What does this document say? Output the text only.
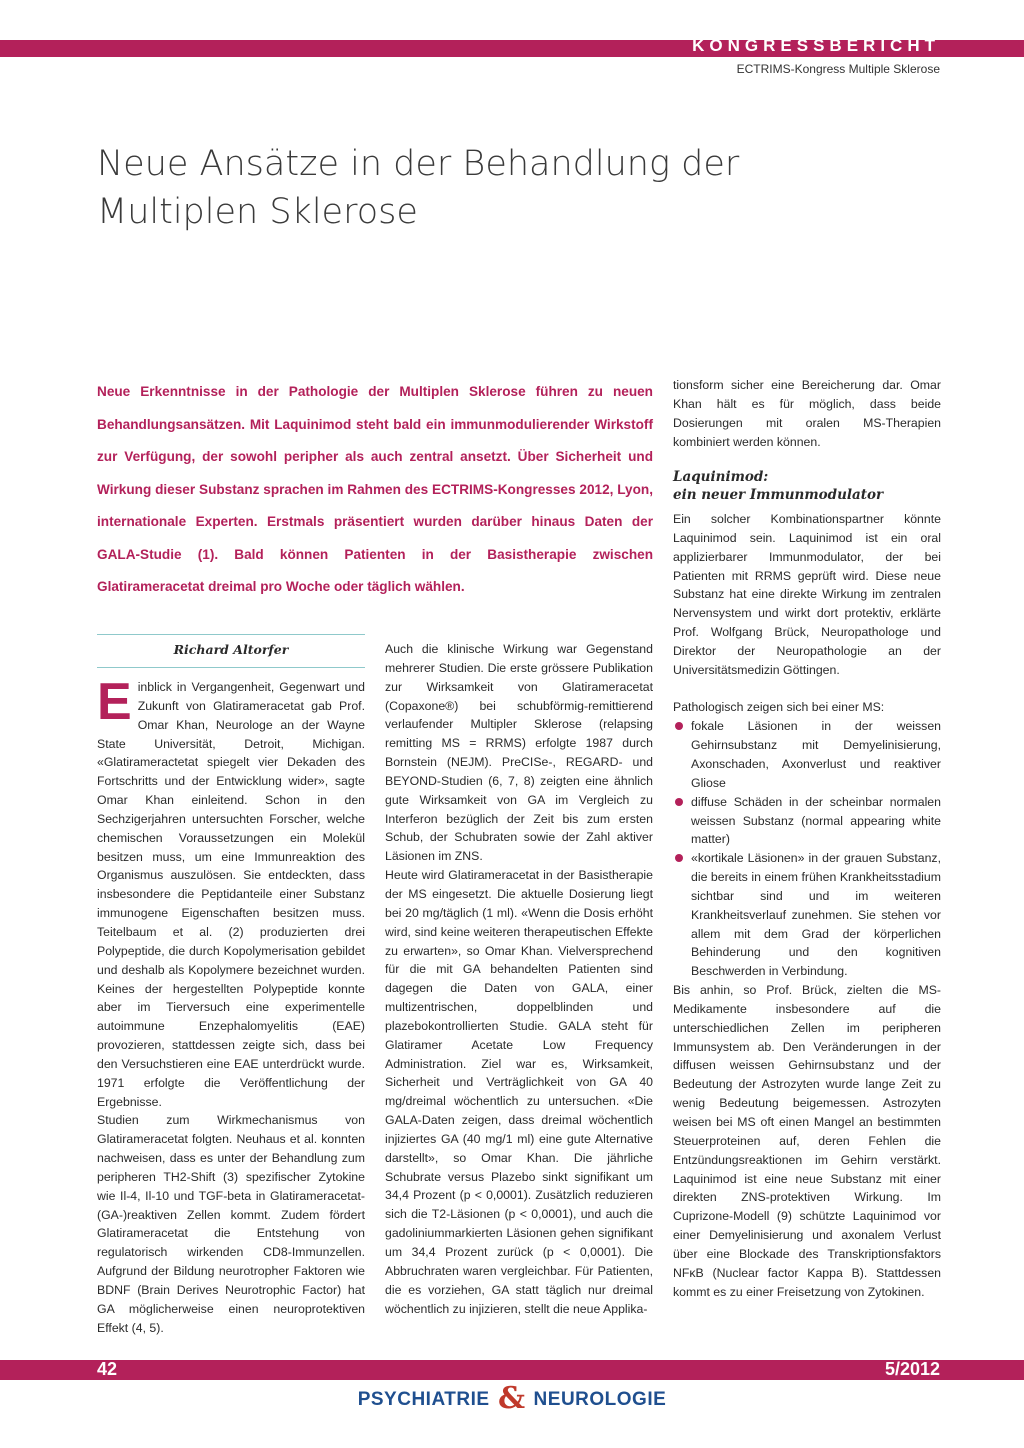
KONGRESSBERICHT
ECTRIMS-Kongress Multiple Sklerose
Neue Ansätze in der Behandlung der
Multiplen Sklerose

Neue Erkenntnisse in der Pathologie der Multiplen Sklerose führen zu neuen Behandlungsansätzen. Mit Laquinimod steht bald ein immunmodulierender Wirkstoff zur Verfügung, der sowohl peripher als auch zentral ansetzt. Über Sicherheit und Wirkung dieser Substanz sprachen im Rahmen des ECTRIMS-Kongresses 2012, Lyon, internationale Experten. Erstmals präsentiert wurden darüber hinaus Daten der GALA-Studie (1). Bald können Patienten in der Basistherapie zwischen Glatirameracetat dreimal pro Woche oder täglich wählen.

Richard Altorfer

Einblick in Vergangenheit, Gegenwart und Zukunft von Glatirameracetat gab Prof. Omar Khan, Neurologe an der Wayne State Universität, Detroit, Michigan. «Glatirameractetat spiegelt vier Dekaden des Fortschritts und der Entwicklung wider», sagte Omar Khan einleitend. Schon in den Sechzigerjahren untersuchten Forscher, welche chemischen Voraussetzungen ein Molekül besitzen muss, um eine Immunreaktion des Organismus auszulösen. Sie entdeckten, dass insbesondere die Peptidanteile einer Substanz immunogene Eigenschaften besitzen muss. Teitelbaum et al. (2) produzierten drei Polypeptide, die durch Kopolymerisation gebildet und deshalb als Kopolymere bezeichnet wurden. Keines der hergestellten Polypeptide konnte aber im Tierversuch eine experimentelle autoimmune Enzephalomyelitis (EAE) provozieren, stattdessen zeigte sich, dass bei den Versuchstieren eine EAE unterdrückt wurde. 1971 erfolgte die Veröffentlichung der Ergebnisse.

Studien zum Wirkmechanismus von Glatirameracetat folgten. Neuhaus et al. konnten nachweisen, dass es unter der Behandlung zum peripheren TH2-Shift (3) spezifischer Zytokine wie Il-4, Il-10 und TGF-beta in Glatirameracetat-(GA-)reaktiven Zellen kommt. Zudem fördert Glatirameracetat die Entstehung von regulatorisch wirkenden CD8-Immunzellen. Aufgrund der Bildung neurotropher Faktoren wie BDNF (Brain Derives Neurotrophic Factor) hat GA möglicherweise einen neuroprotektiven Effekt (4, 5).

Auch die klinische Wirkung war Gegenstand mehrerer Studien. Die erste grössere Publikation zur Wirksamkeit von Glatirameracetat (Copaxone®) bei schubförmig-remittierend verlaufender Multipler Sklerose (relapsing remitting MS = RRMS) erfolgte 1987 durch Bornstein (NEJM). PreCISe-, REGARD- und BEYOND-Studien (6, 7, 8) zeigten eine ähnlich gute Wirksamkeit von GA im Vergleich zu Interferon bezüglich der Zeit bis zum ersten Schub, der Schubraten sowie der Zahl aktiver Läsionen im ZNS.

Heute wird Glatirameracetat in der Basistherapie der MS eingesetzt. Die aktuelle Dosierung liegt bei 20 mg/täglich (1 ml). «Wenn die Dosis erhöht wird, sind keine weiteren therapeutischen Effekte zu erwarten», so Omar Khan. Vielversprechend für die mit GA behandelten Patienten sind dagegen die Daten von GALA, einer multizentrischen, doppelblinden und plazebokontrollierten Studie. GALA steht für Glatiramer Acetate Low Frequency Administration. Ziel war es, Wirksamkeit, Sicherheit und Verträglichkeit von GA 40 mg/dreimal wöchentlich zu untersuchen. «Die GALA-Daten zeigen, dass dreimal wöchentlich injiziertes GA (40 mg/1 ml) eine gute Alternative darstellt», so Omar Khan. Die jährliche Schubrate versus Plazebo sinkt signifikant um 34,4 Prozent (p < 0,0001). Zusätzlich reduzieren sich die T2-Läsionen (p < 0,0001), und auch die gadoliniummarkierten Läsionen gehen signifikant um 34,4 Prozent zurück (p < 0,0001). Die Abbruchraten waren vergleichbar. Für Patienten, die es vorziehen, GA statt täglich nur dreimal wöchentlich zu injizieren, stellt die neue Applika-

tionsform sicher eine Bereicherung dar. Omar Khan hält es für möglich, dass beide Dosierungen mit oralen MS-Therapien kombiniert werden können.

Laquinimod:
ein neuer Immunmodulator

Ein solcher Kombinationspartner könnte Laquinimod sein. Laquinimod ist ein oral applizierbarer Immunmodulator, der bei Patienten mit RRMS geprüft wird. Diese neue Substanz hat eine direkte Wirkung im zentralen Nervensystem und wirkt dort protektiv, erklärte Prof. Wolfgang Brück, Neuropathologe und Direktor der Neuropathologie an der Universitätsmedizin Göttingen.

Pathologisch zeigen sich bei einer MS:

fokale Läsionen in der weissen Gehirnsubstanz mit Demyelinisierung, Axonschaden, Axonverlust und reaktiver Gliose
diffuse Schäden in der scheinbar normalen weissen Substanz (normal appearing white matter)
«kortikale Läsionen» in der grauen Substanz, die bereits in einem frühen Krankheitsstadium sichtbar sind und im weiteren Krankheitsverlauf zunehmen. Sie stehen vor allem mit dem Grad der körperlichen Behinderung und den kognitiven Beschwerden in Verbindung.

Bis anhin, so Prof. Brück, zielten die MS-Medikamente insbesondere auf die unterschiedlichen Zellen im peripheren Immunsystem ab. Den Veränderungen in der diffusen weissen Gehirnsubstanz und der Bedeutung der Astrozyten wurde lange Zeit zu wenig Bedeutung beigemessen. Astrozyten weisen bei MS oft einen Mangel an bestimmten Steuerproteinen auf, deren Fehlen die Entzündungsreaktionen im Gehirn verstärkt. Laquinimod ist eine neue Substanz mit einer direkten ZNS-protektiven Wirkung. Im Cuprizone-Modell (9) schützte Laquinimod vor einer Demyelinisierung und axonalem Verlust über eine Blockade des Transkriptionsfaktors NFκB (Nuclear factor Kappa B). Stattdessen kommt es zu einer Freisetzung von Zytokinen.

42	5/2012
PSYCHIATRIE & NEUROLOGIE
